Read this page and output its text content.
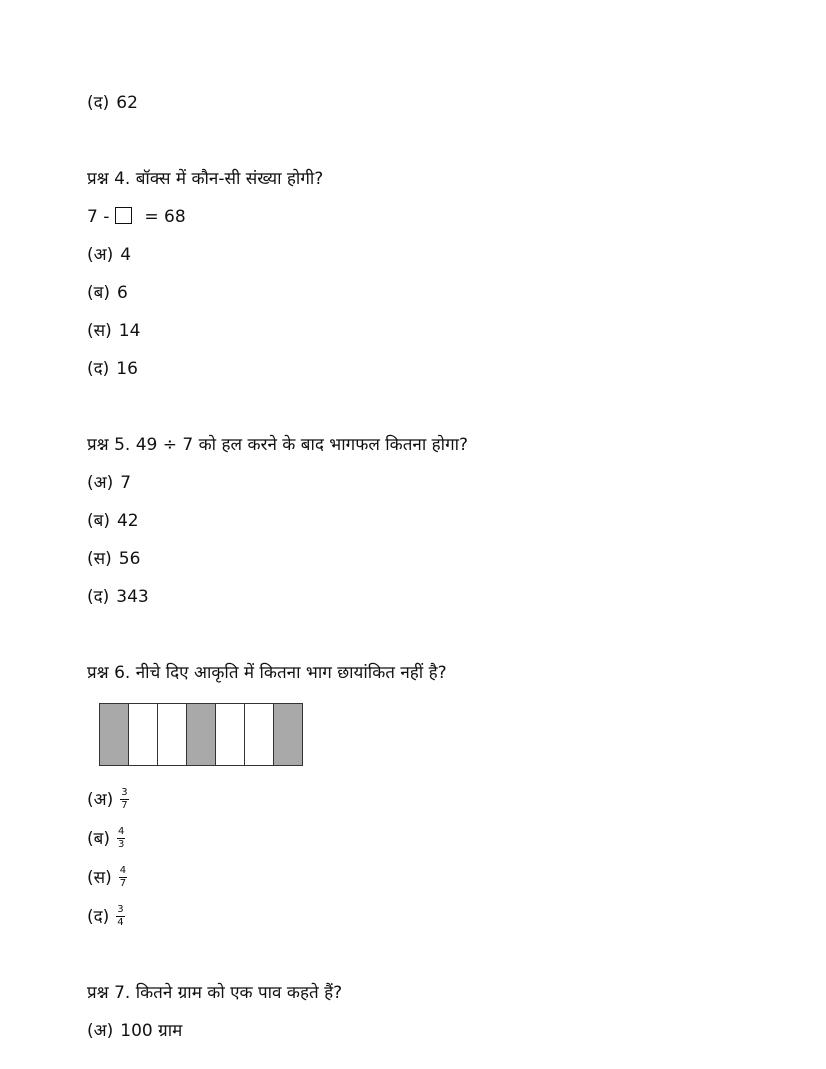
(द) 62
प्रश्न 4. बॉक्स में कौन-सी संख्या होगी?
7 - = 68
(अ) 4
(ब) 6
(स) 14
(द) 16
प्रश्न 5. 49 ÷ 7 को हल करने के बाद भागफल कितना होगा?
(अ) 7
(ब) 42
(स) 56
(द) 343
प्रश्न 6. नीचे दिए आकृति में कितना भाग छायांकित नहीं है?
(अ) $\frac{3}{7}$
(ब) $\frac{4}{3}$
(स) $\frac{4}{7}$
(द) $\frac{3}{4}$
प्रश्न 7. कितने ग्राम को एक पाव कहते हैं?
(अ) 100 ग्राम
